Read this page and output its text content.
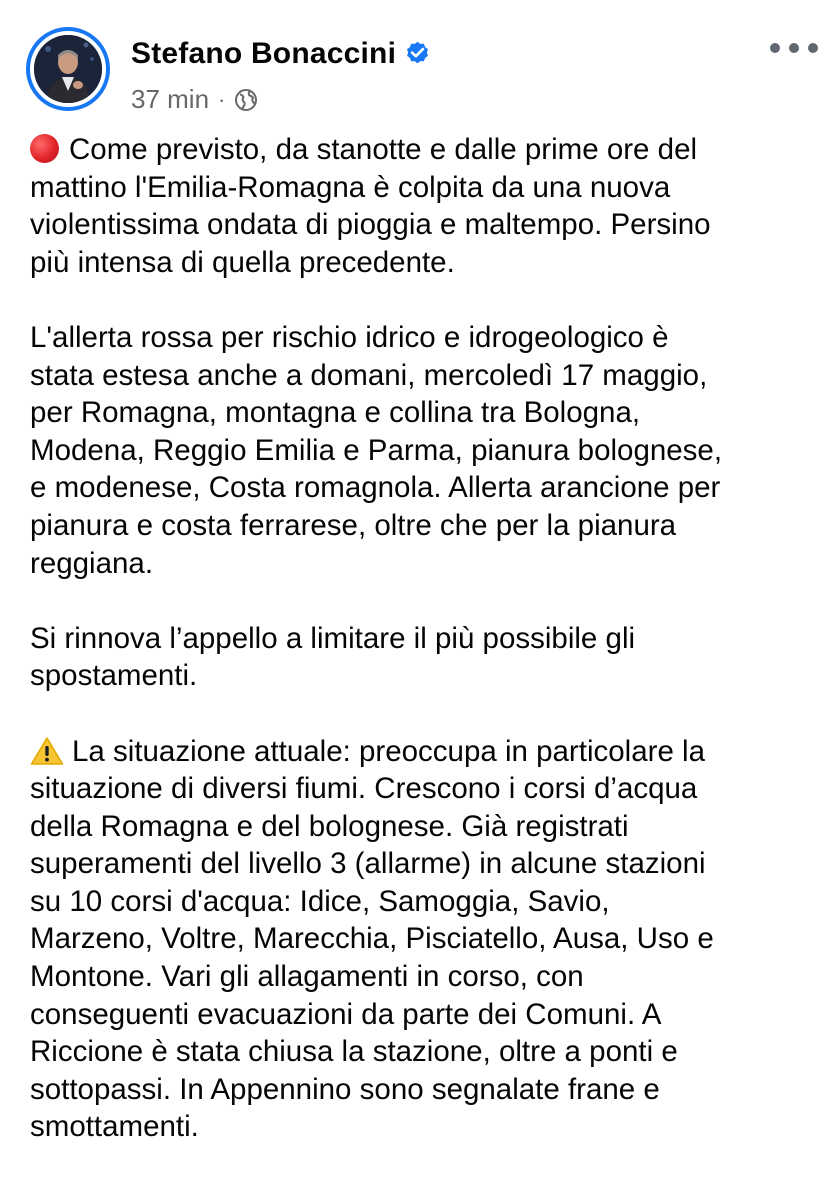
Stefano Bonaccini
37 min ·

Come previsto, da stanotte e dalle prime ore del
mattino l'Emilia-Romagna è colpita da una nuova
violentissima ondata di pioggia e maltempo. Persino
più intensa di quella precedente.

L'allerta rossa per rischio idrico e idrogeologico è
stata estesa anche a domani, mercoledì 17 maggio,
per Romagna, montagna e collina tra Bologna,
Modena, Reggio Emilia e Parma, pianura bolognese,
e modenese, Costa romagnola. Allerta arancione per
pianura e costa ferrarese, oltre che per la pianura
reggiana.

Si rinnova l’appello a limitare il più possibile gli
spostamenti.

La situazione attuale: preoccupa in particolare la
situazione di diversi fiumi. Crescono i corsi d’acqua
della Romagna e del bolognese. Già registrati
superamenti del livello 3 (allarme) in alcune stazioni
su 10 corsi d'acqua: Idice, Samoggia, Savio,
Marzeno, Voltre, Marecchia, Pisciatello, Ausa, Uso e
Montone. Vari gli allagamenti in corso, con
conseguenti evacuazioni da parte dei Comuni. A
Riccione è stata chiusa la stazione, oltre a ponti e
sottopassi. In Appennino sono segnalate frane e
smottamenti.
